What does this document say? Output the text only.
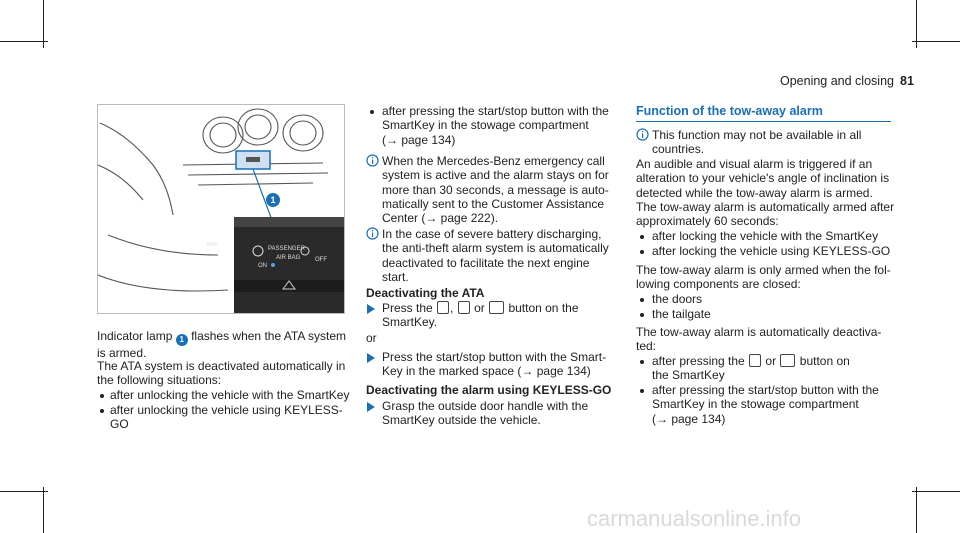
Opening and closing 81
1
MAX
ON
PASSENGER
AIR BAG OFF
Indicator lamp 1 flashes when the ATA system
is armed.
The ATA system is deactivated automatically in
the following situations:
after unlocking the vehicle with the SmartKey
after unlocking the vehicle using KEYLESS-
GO
after pressing the start/stop button with the
SmartKey in the stowage compartment
(→ page 134)
When the Mercedes-Benz emergency call
system is active and the alarm stays on for
more than 30 seconds, a message is auto-
matically sent to the Customer Assistance
Center (→ page 222).
In the case of severe battery discharging,
the anti-theft alarm system is automatically
deactivated to facilitate the next engine
start.
Deactivating the ATA
Press the , or button on the
SmartKey.
or
Press the start/stop button with the Smart-
Key in the marked space (→ page 134)
Deactivating the alarm using KEYLESS-GO
Grasp the outside door handle with the
SmartKey outside the vehicle.
Function of the tow-away alarm
This function may not be available in all
countries.
An audible and visual alarm is triggered if an
alteration to your vehicle's angle of inclination is
detected while the tow-away alarm is armed.
The tow-away alarm is automatically armed after
approximately 60 seconds:
after locking the vehicle with the SmartKey
after locking the vehicle using KEYLESS-GO
The tow-away alarm is only armed when the fol-
lowing components are closed:
the doors
the tailgate
The tow-away alarm is automatically deactiva-
ted:
after pressing the or button on
the SmartKey
after pressing the start/stop button with the
SmartKey in the stowage compartment
(→ page 134)
carmanualsonline.info
